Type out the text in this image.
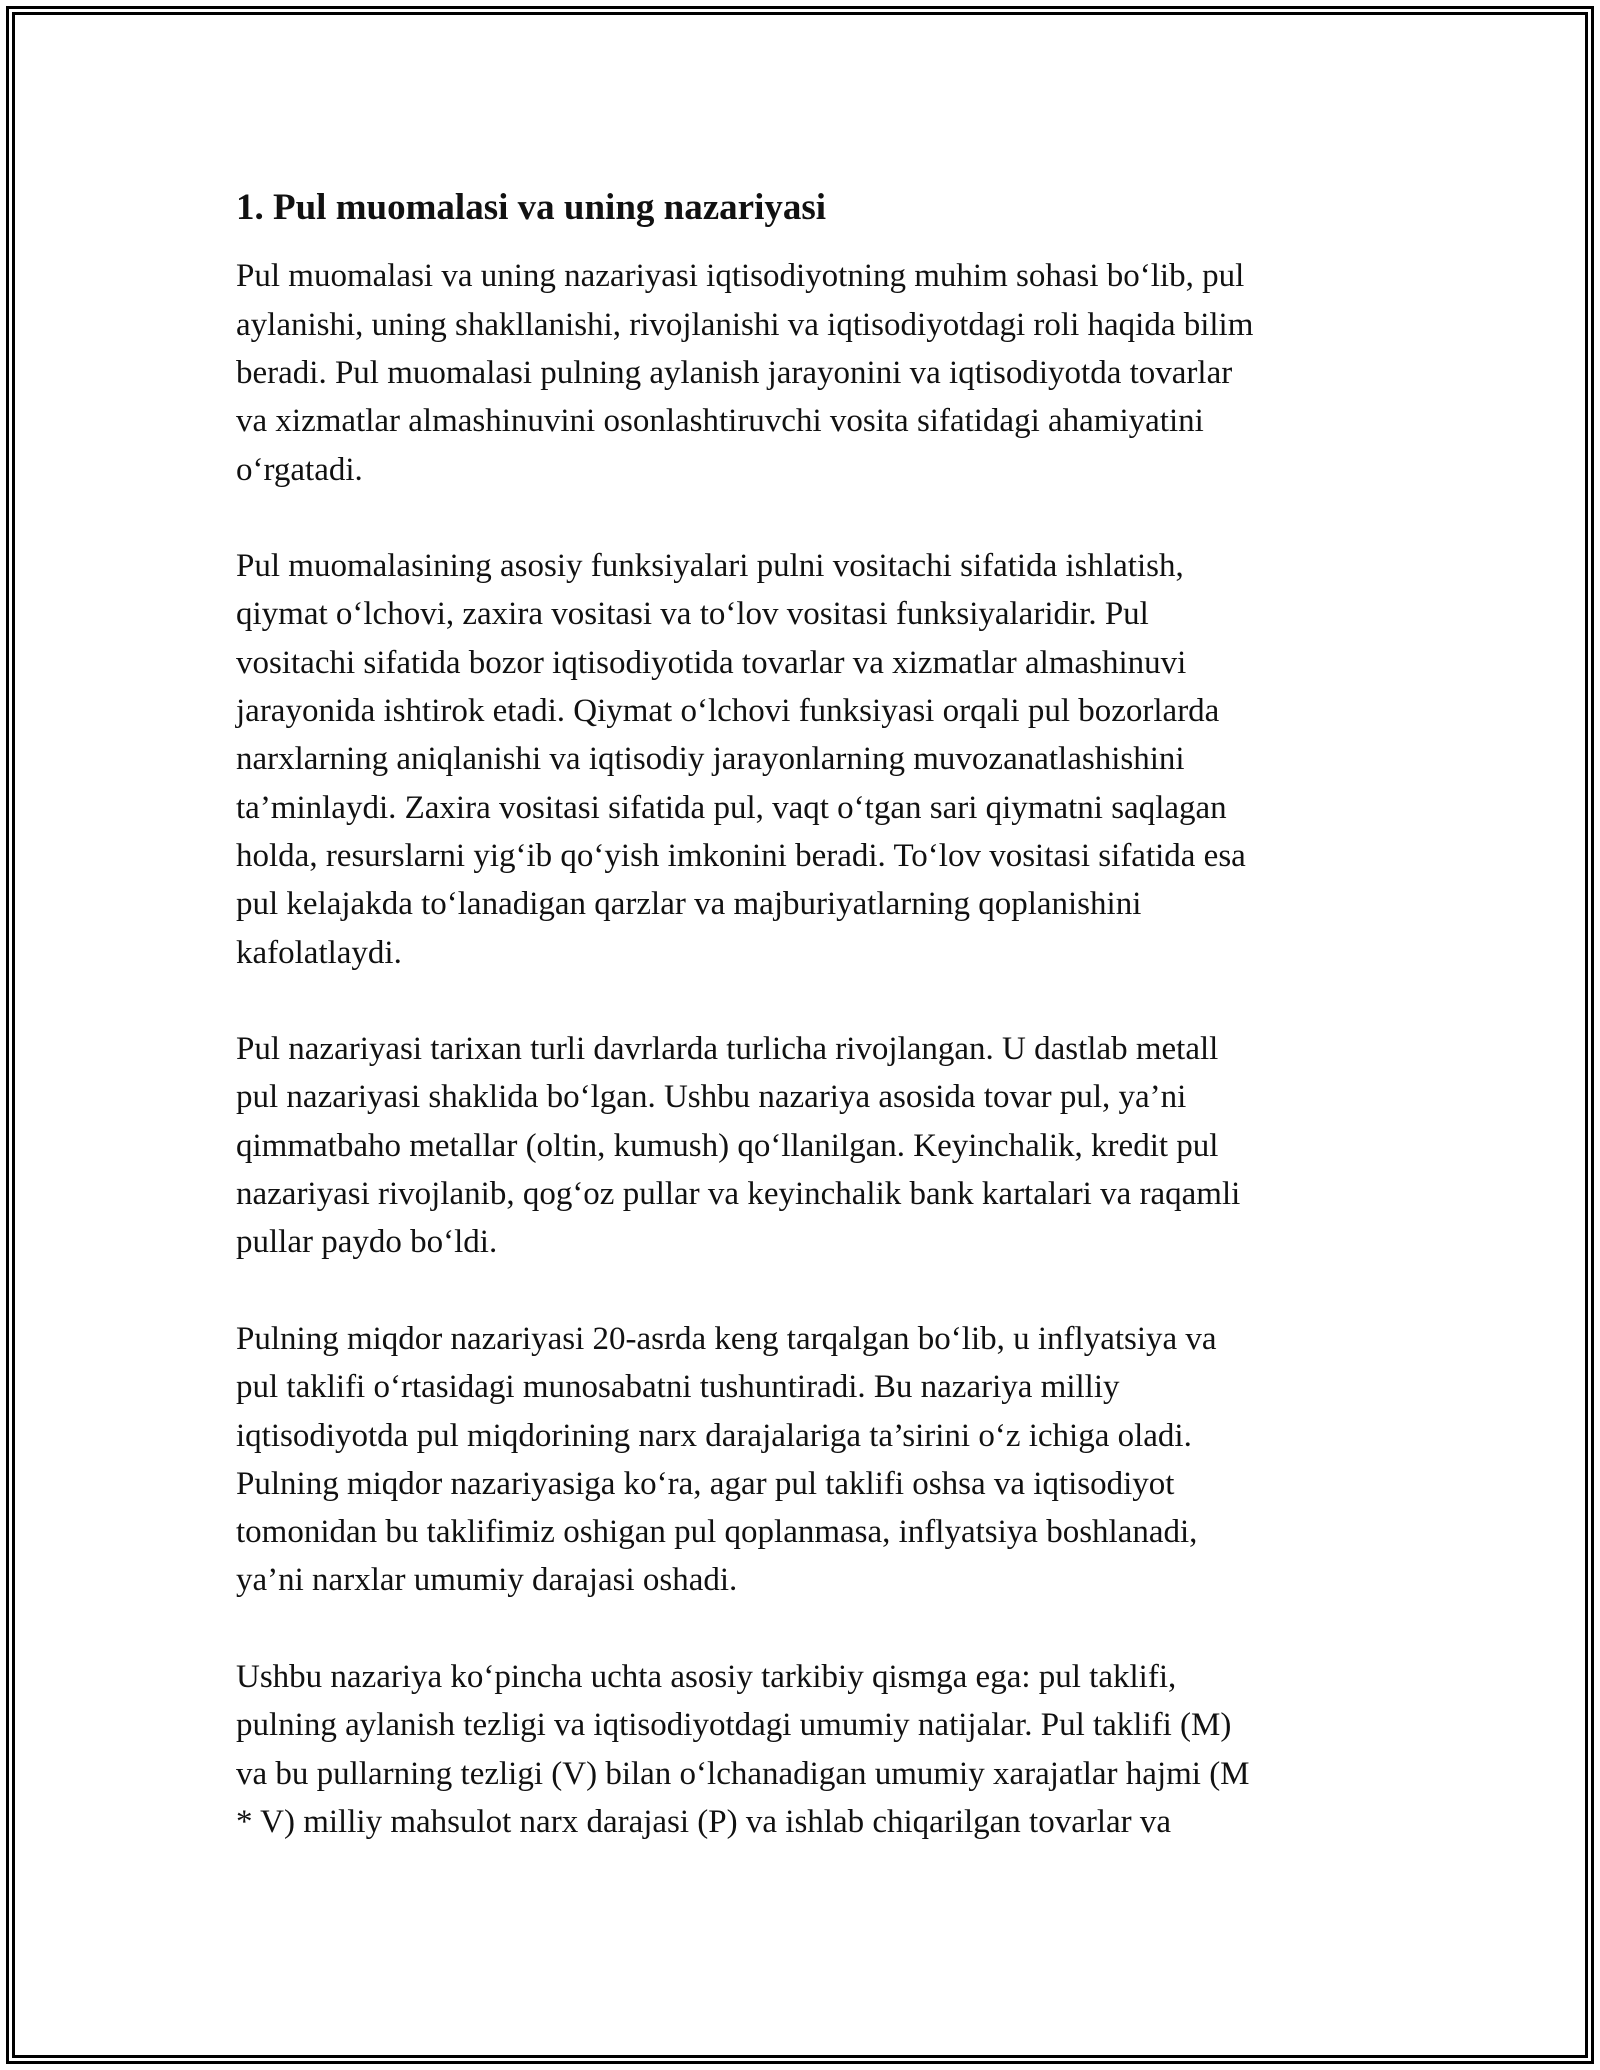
1. Pul muomalasi va uning nazariyasi

Pul muomalasi va uning nazariyasi iqtisodiyotning muhim sohasi bo‘lib, pul
aylanishi, uning shakllanishi, rivojlanishi va iqtisodiyotdagi roli haqida bilim
beradi. Pul muomalasi pulning aylanish jarayonini va iqtisodiyotda tovarlar
va xizmatlar almashinuvini osonlashtiruvchi vosita sifatidagi ahamiyatini
o‘rgatadi.

Pul muomalasining asosiy funksiyalari pulni vositachi sifatida ishlatish,
qiymat o‘lchovi, zaxira vositasi va to‘lov vositasi funksiyalaridir. Pul
vositachi sifatida bozor iqtisodiyotida tovarlar va xizmatlar almashinuvi
jarayonida ishtirok etadi. Qiymat o‘lchovi funksiyasi orqali pul bozorlarda
narxlarning aniqlanishi va iqtisodiy jarayonlarning muvozanatlashishini
ta’minlaydi. Zaxira vositasi sifatida pul, vaqt o‘tgan sari qiymatni saqlagan
holda, resurslarni yig‘ib qo‘yish imkonini beradi. To‘lov vositasi sifatida esa
pul kelajakda to‘lanadigan qarzlar va majburiyatlarning qoplanishini
kafolatlaydi.

Pul nazariyasi tarixan turli davrlarda turlicha rivojlangan. U dastlab metall
pul nazariyasi shaklida bo‘lgan. Ushbu nazariya asosida tovar pul, ya’ni
qimmatbaho metallar (oltin, kumush) qo‘llanilgan. Keyinchalik, kredit pul
nazariyasi rivojlanib, qog‘oz pullar va keyinchalik bank kartalari va raqamli
pullar paydo bo‘ldi.

Pulning miqdor nazariyasi 20-asrda keng tarqalgan bo‘lib, u inflyatsiya va
pul taklifi o‘rtasidagi munosabatni tushuntiradi. Bu nazariya milliy
iqtisodiyotda pul miqdorining narx darajalariga ta’sirini o‘z ichiga oladi.
Pulning miqdor nazariyasiga ko‘ra, agar pul taklifi oshsa va iqtisodiyot
tomonidan bu taklifimiz oshigan pul qoplanmasa, inflyatsiya boshlanadi,
ya’ni narxlar umumiy darajasi oshadi.

Ushbu nazariya ko‘pincha uchta asosiy tarkibiy qismga ega: pul taklifi,
pulning aylanish tezligi va iqtisodiyotdagi umumiy natijalar. Pul taklifi (M)
va bu pullarning tezligi (V) bilan o‘lchanadigan umumiy xarajatlar hajmi (M
* V) milliy mahsulot narx darajasi (P) va ishlab chiqarilgan tovarlar va
